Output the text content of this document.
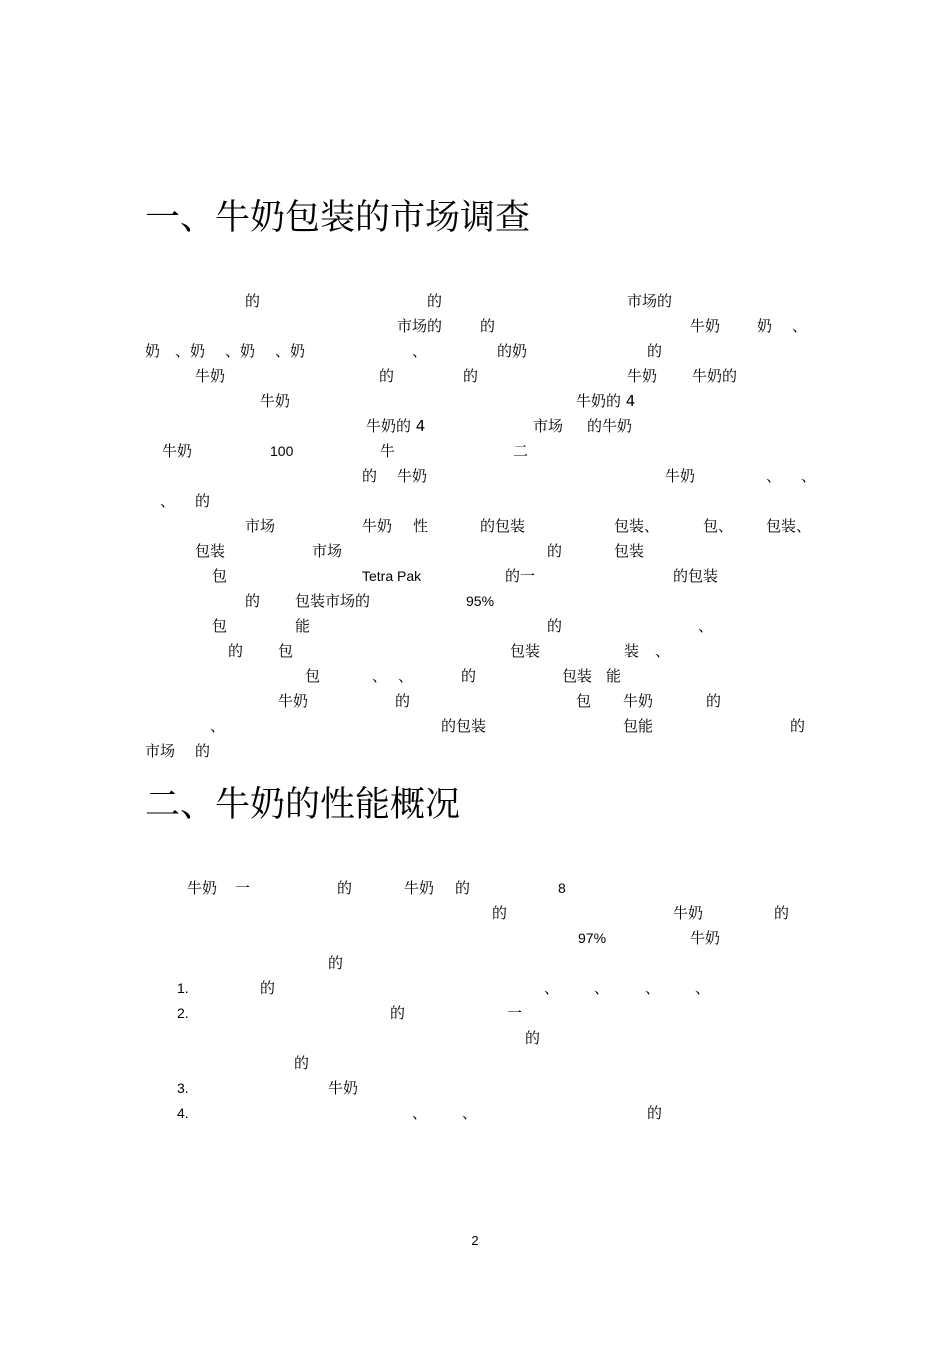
一、牛奶包装的市场调查
的	的	市场的
市场的	的	牛奶 奶 、
奶 、奶 、奶 、奶	、	的奶	的
牛奶	的	的	牛奶 牛奶的
牛奶	牛奶的 4
牛奶的 4	市场 的牛奶
牛奶	100	牛	二
的 牛奶	牛奶	、 、
、 的
市场	牛奶 性	的包装	包装、	包、 包装、
包装	市场	的	包装
包	Tetra Pak	的一	的包装
的 包装市场的	95%
包	能	的	、
的 包	包装	装 、
包	、 、	的	包装 能
牛奶	的	包 牛奶	的
、	的包装	包能	的
市场 的
二、牛奶的性能概况
牛奶 一	的	牛奶 的	8
的	牛奶	的
97%	牛奶
的
1.	的	、 、 、 、
2.	的	一
的
的
3.	牛奶
4.	、 、	的
2
